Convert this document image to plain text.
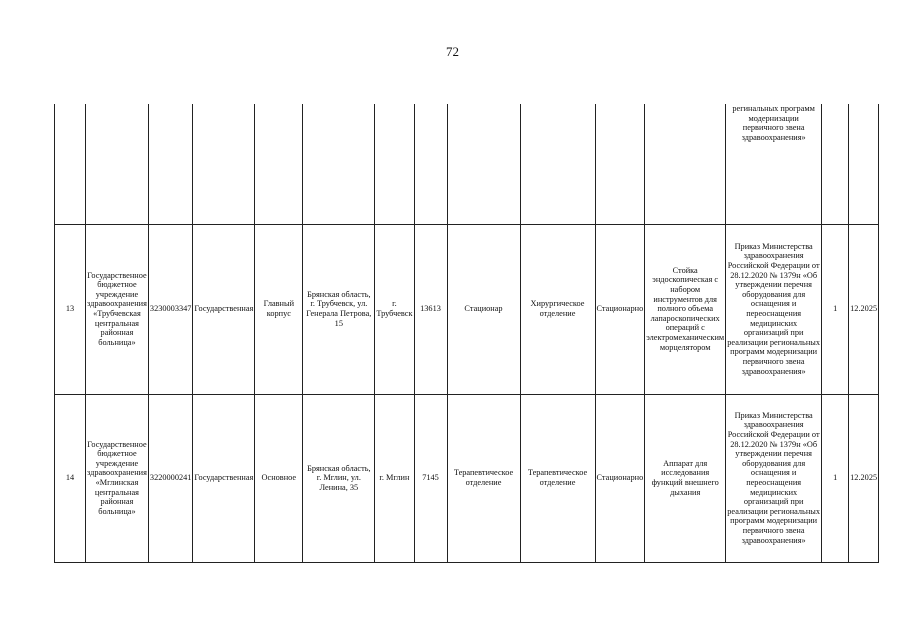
72
												регинальных программ модернизации первичного звена здравоохранения»		
13	Государственное бюджетное учреждение здравоохранения «Трубчевская центральная районная больница»	3230003347	Государственная	Главный корпус	Брянская область, г. Трубчевск, ул. Генерала Петрова, 15	г. Трубчевск	13613	Стационар	Хирургическое отделение	Стационарно	Стойка эндоскопическая с набором инструментов для полного объема лапароскопических операций с электромеханическим морцелятором	Приказ Министерства здравоохранения Российской Федерации от 28.12.2020 № 1379н «Об утверждении перечня оборудования для оснащения и переоснащения медицинских организаций при реализации региональных программ модернизации первичного звена здравоохранения»	1	12.2025
14	Государственное бюджетное учреждение здравоохранения «Мглинская центральная районная больница»	3220000241	Государственная	Основное	Брянская область, г. Мглин, ул. Ленина, 35	г. Мглин	7145	Терапевтическое отделение	Терапевтическое отделение	Стационарно	Аппарат для исследования функций внешнего дыхания	Приказ Министерства здравоохранения Российской Федерации от 28.12.2020 № 1379н «Об утверждении перечня оборудования для оснащения и переоснащения медицинских организаций при реализации региональных программ модернизации первичного звена здравоохранения»	1	12.2025
